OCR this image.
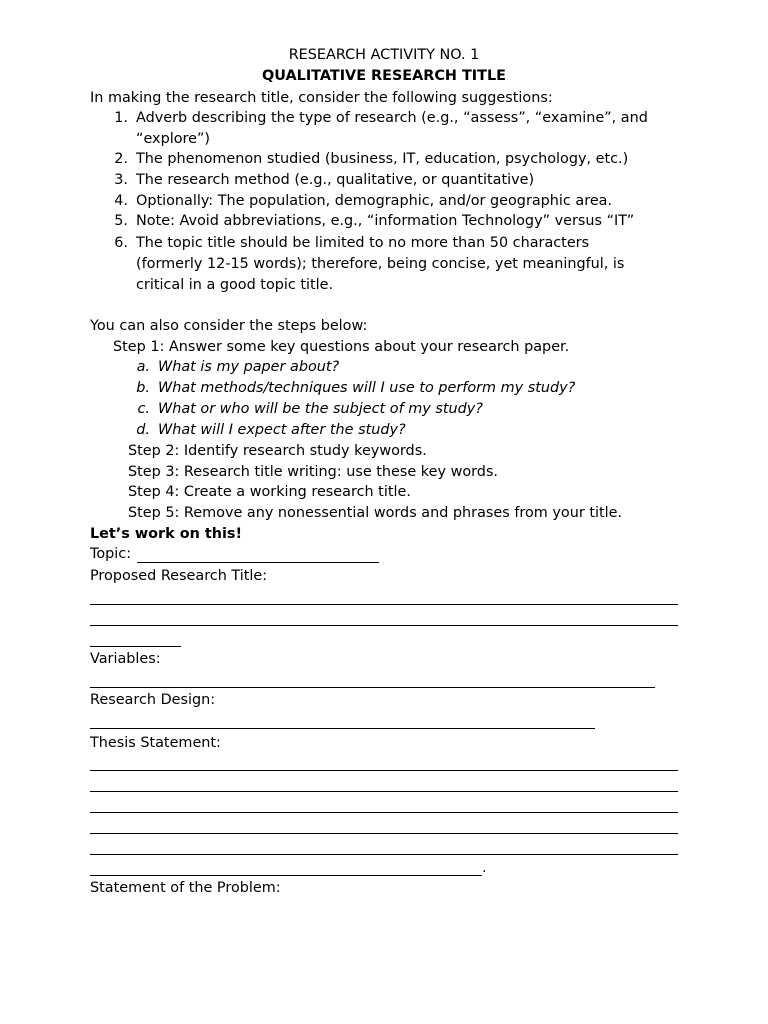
RESEARCH ACTIVITY NO. 1
QUALITATIVE RESEARCH TITLE
In making the research title, consider the following suggestions:
1. Adverb describing the type of research (e.g., “assess”, “examine”, and
“explore”)
2. The phenomenon studied (business, IT, education, psychology, etc.)
3. The research method (e.g., qualitative, or quantitative)
4. Optionally: The population, demographic, and/or geographic area.
5. Note: Avoid abbreviations, e.g., “information Technology” versus “IT”
6. The topic title should be limited to no more than 50 characters
(formerly 12-15 words); therefore, being concise, yet meaningful, is
critical in a good topic title.
You can also consider the steps below:
Step 1: Answer some key questions about your research paper.
a. What is my paper about?
b. What methods/techniques will I use to perform my study?
c. What or who will be the subject of my study?
d. What will I expect after the study?
Step 2: Identify research study keywords.
Step 3: Research title writing: use these key words.
Step 4: Create a working research title.
Step 5: Remove any nonessential words and phrases from your title.
Let’s work on this!
Topic:
Proposed Research Title:
Variables:
Research Design:
Thesis Statement:
.
Statement of the Problem:
